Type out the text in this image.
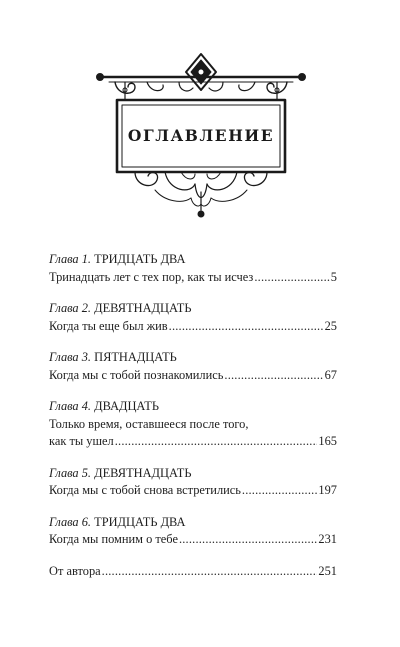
ОГЛАВЛЕНИЕ
Глава 1. ТРИДЦАТЬ ДВА
Тринадцать лет с тех пор, как ты исчез .....	5
Глава 2. ДЕВЯТНАДЦАТЬ
Когда ты еще был жив .....	25
Глава 3. ПЯТНАДЦАТЬ
Когда мы с тобой познакомились .....	67
Глава 4. ДВАДЦАТЬ
Только время, оставшееся после того,
как ты ушел .....	165
Глава 5. ДЕВЯТНАДЦАТЬ
Когда мы с тобой снова встретились .....	197
Глава 6. ТРИДЦАТЬ ДВА
Когда мы помним о тебе .....	231
От автора .....	251
